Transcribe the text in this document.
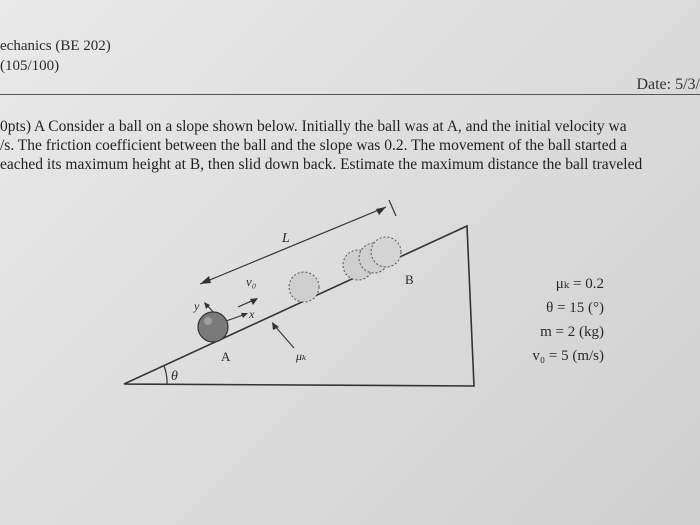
echanics (BE 202)
(105/100)
Date: 5/3/
0pts) A Consider a ball on a slope shown below. Initially the ball was at A, and the initial velocity wa
/s. The friction coefficient between the ball and the slope was 0.2. The movement of the ball started a
eached its maximum height at B, then slid down back. Estimate the maximum distance the ball traveled
θ
L
v₀
x
y
A
B
μₖ
μₖ = 0.2
θ = 15 (°)
m = 2 (kg)
v₀ = 5 (m/s)
